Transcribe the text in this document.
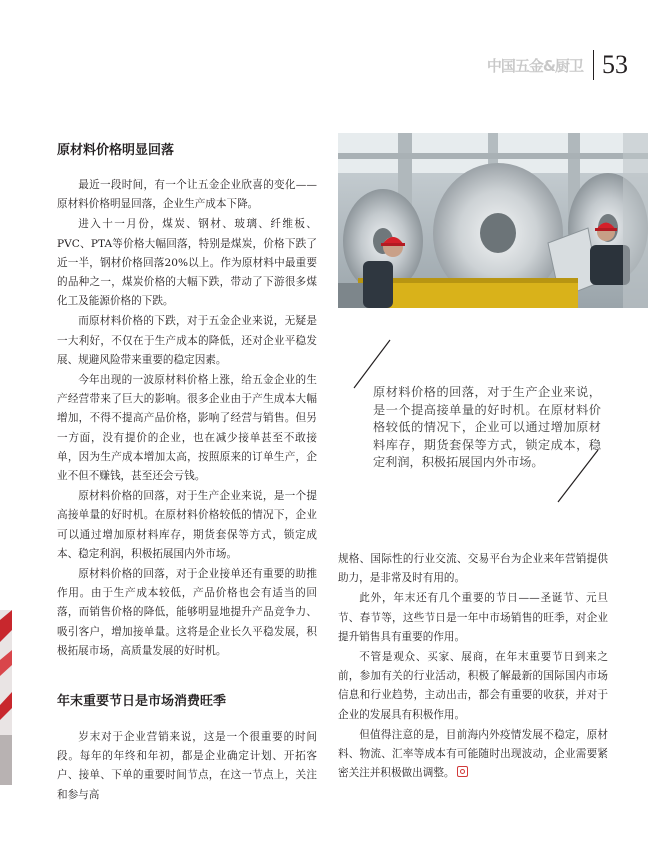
中国五金&厨卫 53
原材料价格明显回落

最近一段时间，有一个让五金企业欣喜的变化——原材料价格明显回落，企业生产成本下降。

进入十一月份，煤炭、钢材、玻璃、纤维板、PVC、PTA等价格大幅回落，特别是煤炭，价格下跌了近一半，钢材价格回落20%以上。作为原材料中最重要的品种之一，煤炭价格的大幅下跌，带动了下游很多煤化工及能源价格的下跌。

而原材料价格的下跌，对于五金企业来说，无疑是一大利好，不仅在于生产成本的降低，还对企业平稳发展、规避风险带来重要的稳定因素。

今年出现的一波原材料价格上涨，给五金企业的生产经营带来了巨大的影响。很多企业由于产生成本大幅增加，不得不提高产品价格，影响了经营与销售。但另一方面，没有提价的企业，也在减少接单甚至不敢接单，因为生产成本增加太高，按照原来的订单生产，企业不但不赚钱，甚至还会亏钱。

原材料价格的回落，对于生产企业来说，是一个提高接单量的好时机。在原材料价格较低的情况下，企业可以通过增加原材料库存，期货套保等方式，锁定成本、稳定利润，积极拓展国内外市场。

原材料价格的回落，对于企业接单还有重要的助推作用。由于生产成本较低，产品价格也会有适当的回落，而销售价格的降低，能够明显地提升产品竞争力、吸引客户，增加接单量。这将是企业长久平稳发展，积极拓展市场，高质量发展的好时机。

原材料价格的回落，对于生产企业来说，是一个提高接单量的好时机。在原材料价格较低的情况下，企业可以通过增加原材料库存，期货套保等方式，锁定成本，稳定利润，积极拓展国内外市场。

年末重要节日是市场消费旺季

岁末对于企业营销来说，这是一个很重要的时间段。每年的年终和年初，都是企业确定计划、开拓客户、接单、下单的重要时间节点，在这一节点上，关注和参与高

规格、国际性的行业交流、交易平台为企业来年营销提供助力，是非常及时有用的。

此外，年末还有几个重要的节日——圣诞节、元旦节、春节等，这些节日是一年中市场销售的旺季，对企业提升销售具有重要的作用。

不管是观众、买家、展商，在年末重要节日到来之前，参加有关的行业活动，积极了解最新的国际国内市场信息和行业趋势，主动出击，都会有重要的收获，并对于企业的发展具有积极作用。

但值得注意的是，目前海内外疫情发展不稳定，原材料、物流、汇率等成本有可能随时出现波动，企业需要紧密关注并积极做出调整。
